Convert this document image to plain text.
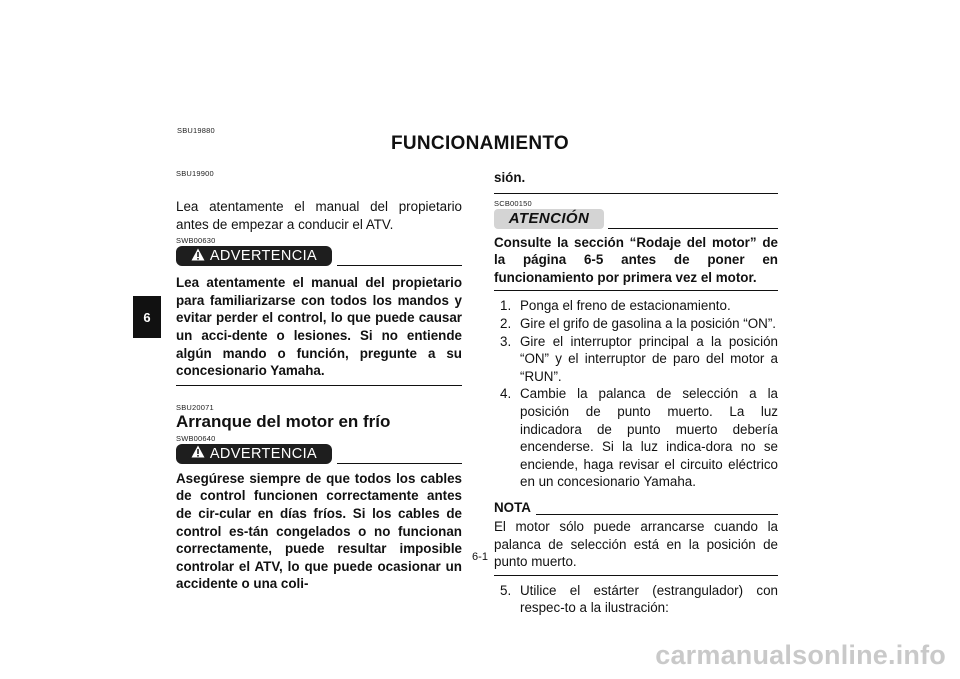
SBU19880
FUNCIONAMIENTO
6
SBU19900
Lea atentamente el manual del propietario antes de empezar a conducir el ATV.
SWB00630
ADVERTENCIA
Lea atentamente el manual del propietario para familiarizarse con todos los mandos y evitar perder el control, lo que puede causar un acci-dente o lesiones. Si no entiende algún mando o función, pregunte a su concesionario Yamaha.
SBU20071
Arranque del motor en frío
SWB00640
ADVERTENCIA
Asegúrese siempre de que todos los cables de control funcionen correctamente antes de cir-cular en días fríos. Si los cables de control es-tán congelados o no funcionan correctamente, puede resultar imposible controlar el ATV, lo que puede ocasionar un accidente o una coli-
sión.
SCB00150
ATENCIÓN
Consulte la sección “Rodaje del motor” de la página 6-5 antes de poner en funcionamiento por primera vez el motor.
1. Ponga el freno de estacionamiento.
2. Gire el grifo de gasolina a la posición “ON”.
3. Gire el interruptor principal a la posición “ON” y el interruptor de paro del motor a “RUN”.
4. Cambie la palanca de selección a la posición de punto muerto. La luz indicadora de punto muerto debería encenderse. Si la luz indica-dora no se enciende, haga revisar el circuito eléctrico en un concesionario Yamaha.
NOTA
El motor sólo puede arrancarse cuando la palanca de selección está en la posición de punto muerto.
5. Utilice el estárter (estrangulador) con respec-to a la ilustración:
6-1
carmanualsonline.info
